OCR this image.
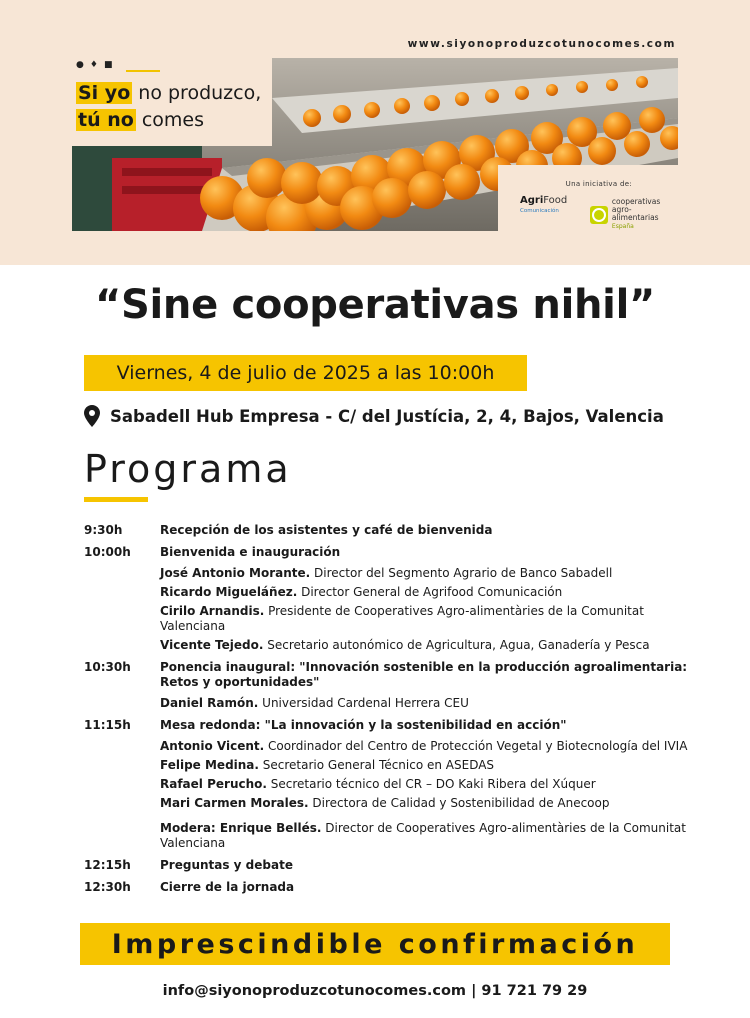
www.siyonoproduzcotunocomes.com
● ♦ ■
Si yo no produzco,
tú no comes
Una iniciativa de:
AgriFood
Comunicación
cooperativas
agro-alimentarias
España
“Sine cooperativas nihil”
Viernes, 4 de julio de 2025 a las 10:00h
Sabadell Hub Empresa - C/ del Justícia, 2, 4, Bajos, Valencia
Programa
9:30h	Recepción de los asistentes y café de bienvenida
10:00h	Bienvenida e inauguración
José Antonio Morante. Director del Segmento Agrario de Banco Sabadell
Ricardo Migueláñez. Director General de Agrifood Comunicación
Cirilo Arnandis. Presidente de Cooperatives Agro-alimentàries de la Comunitat Valenciana
Vicente Tejedo. Secretario autonómico de Agricultura, Agua, Ganadería y Pesca
10:30h	Ponencia inaugural: "Innovación sostenible en la producción agroalimentaria: Retos y oportunidades"
Daniel Ramón. Universidad Cardenal Herrera CEU
11:15h	Mesa redonda: "La innovación y la sostenibilidad en acción"
Antonio Vicent. Coordinador del Centro de Protección Vegetal y Biotecnología del IVIA
Felipe Medina. Secretario General Técnico en ASEDAS
Rafael Perucho. Secretario técnico del CR – DO Kaki Ribera del Xúquer
Mari Carmen Morales. Directora de Calidad y Sostenibilidad de Anecoop
Modera: Enrique Bellés. Director de Cooperatives Agro-alimentàries de la Comunitat Valenciana
12:15h	Preguntas y debate
12:30h	Cierre de la jornada
Imprescindible confirmación
info@siyonoproduzcotunocomes.com | 91 721 79 29
